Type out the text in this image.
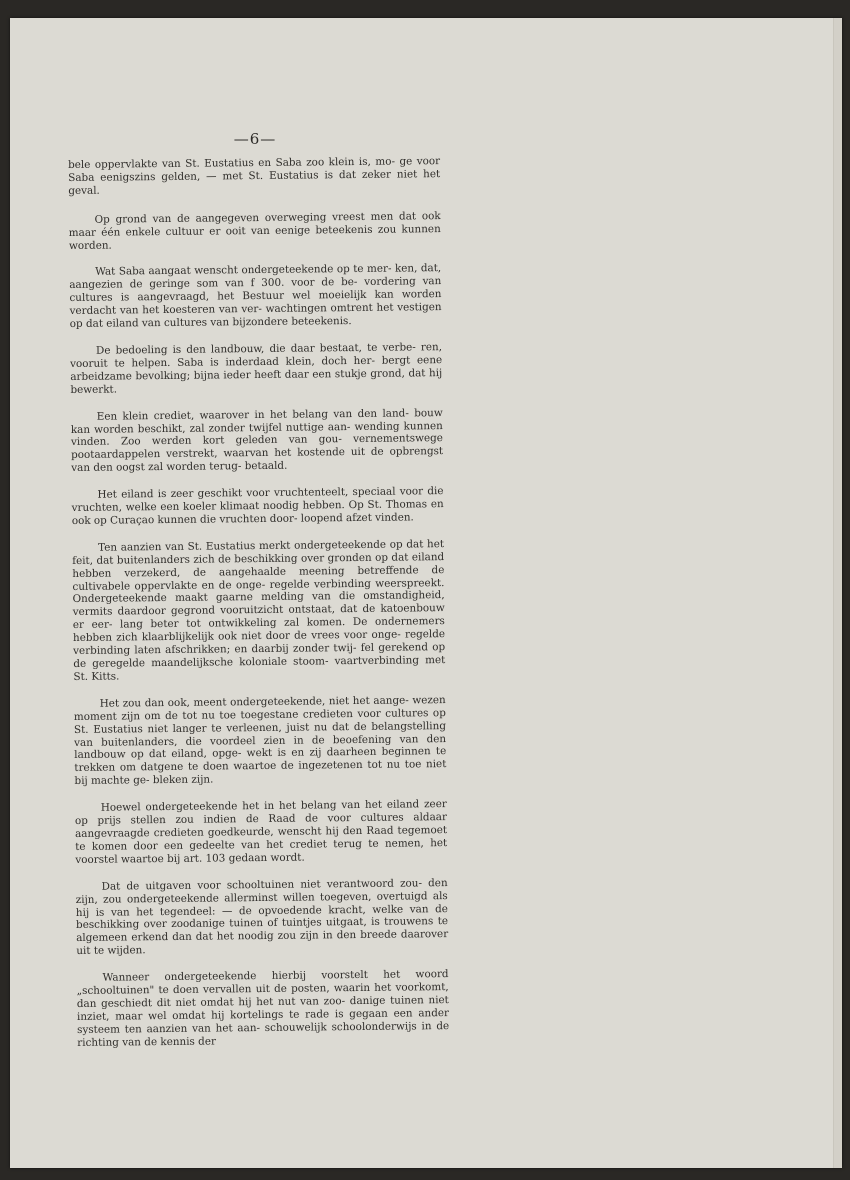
—6—

bele oppervlakte van St. Eustatius en Saba zoo klein is, mo- ge voor Saba eenigszins gelden, — met St. Eustatius is dat zeker niet het geval.

Op grond van de aangegeven overweging vreest men dat ook maar één enkele cultuur er ooit van eenige beteekenis zou kunnen worden.

Wat Saba aangaat wenscht ondergeteekende op te mer- ken, dat, aangezien de geringe som van f 300. voor de be- vordering van cultures is aangevraagd, het Bestuur wel moeielijk kan worden verdacht van het koesteren van ver- wachtingen omtrent het vestigen op dat eiland van cultures van bijzondere beteekenis.

De bedoeling is den landbouw, die daar bestaat, te verbe- ren, vooruit te helpen. Saba is inderdaad klein, doch her- bergt eene arbeidzame bevolking; bijna ieder heeft daar een stukje grond, dat hij bewerkt.

Een klein crediet, waarover in het belang van den land- bouw kan worden beschikt, zal zonder twijfel nuttige aan- wending kunnen vinden. Zoo werden kort geleden van gou- vernementswege pootaardappelen verstrekt, waarvan het kostende uit de opbrengst van den oogst zal worden terug- betaald.

Het eiland is zeer geschikt voor vruchtenteelt, speciaal voor die vruchten, welke een koeler klimaat noodig hebben. Op St. Thomas en ook op Curaçao kunnen die vruchten door- loopend afzet vinden.

Ten aanzien van St. Eustatius merkt ondergeteekende op dat het feit, dat buitenlanders zich de beschikking over gronden op dat eiland hebben verzekerd, de aangehaalde meening betreffende de cultivabele oppervlakte en de onge- regelde verbinding weerspreekt. Ondergeteekende maakt gaarne melding van die omstandigheid, vermits daardoor gegrond vooruitzicht ontstaat, dat de katoenbouw er eer- lang beter tot ontwikkeling zal komen. De ondernemers hebben zich klaarblijkelijk ook niet door de vrees voor onge- regelde verbinding laten afschrikken; en daarbij zonder twij- fel gerekend op de geregelde maandelijksche koloniale stoom- vaartverbinding met St. Kitts.

Het zou dan ook, meent ondergeteekende, niet het aange- wezen moment zijn om de tot nu toe toegestane credieten voor cultures op St. Eustatius niet langer te verleenen, juist nu dat de belangstelling van buitenlanders, die voordeel zien in de beoefening van den landbouw op dat eiland, opge- wekt is en zij daarheen beginnen te trekken om datgene te doen waartoe de ingezetenen tot nu toe niet bij machte ge- bleken zijn.

Hoewel ondergeteekende het in het belang van het eiland zeer op prijs stellen zou indien de Raad de voor cultures aldaar aangevraagde credieten goedkeurde, wenscht hij den Raad tegemoet te komen door een gedeelte van het crediet terug te nemen, het voorstel waartoe bij art. 103 gedaan wordt.

Dat de uitgaven voor schooltuinen niet verantwoord zou- den zijn, zou ondergeteekende allerminst willen toegeven, overtuigd als hij is van het tegendeel: — de opvoedende kracht, welke van de beschikking over zoodanige tuinen of tuintjes uitgaat, is trouwens te algemeen erkend dan dat het noodig zou zijn in den breede daarover uit te wijden.

Wanneer ondergeteekende hierbij voorstelt het woord „schooltuinen" te doen vervallen uit de posten, waarin het voorkomt, dan geschiedt dit niet omdat hij het nut van zoo- danige tuinen niet inziet, maar wel omdat hij kortelings te rade is gegaan een ander systeem ten aanzien van het aan- schouwelijk schoolonderwijs in de richting van de kennis der
